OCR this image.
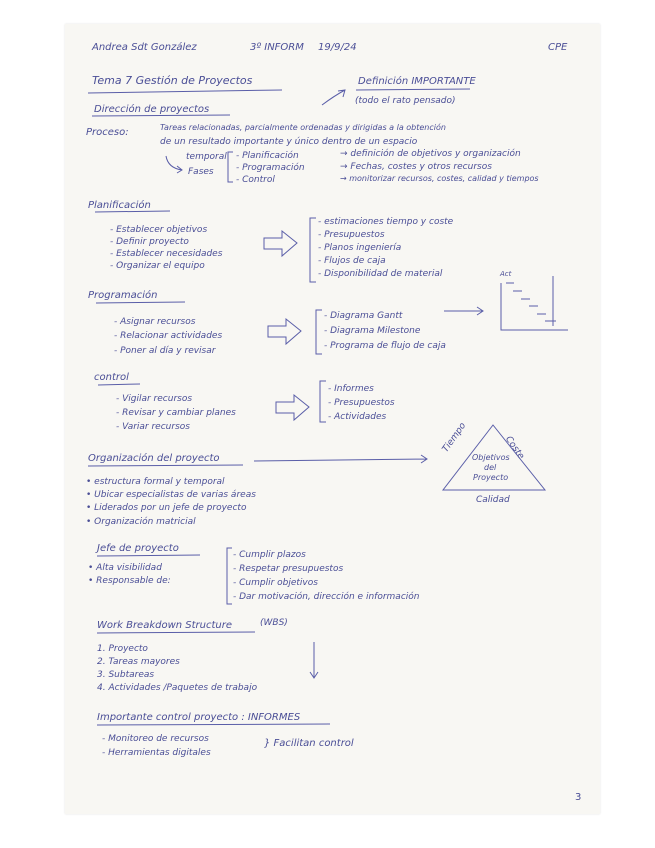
Andrea Sdt González	3º INFORM 19/9/24	CPE
Tema 7 Gestión de Proyectos	Definición IMPORTANTE
(todo el rato pensado)
Dirección de proyectos
Proceso:	Tareas relacionadas, parcialmente ordenadas y dirigidas a la obtención
de un resultado importante y único dentro de un espacio
temporal
Fases
- Planificación
- Programación
- Control
→ definición de objetivos y organización
→ Fechas, costes y otros recursos
→ monitorizar recursos, costes, calidad y tiempos
Planificación
- Establecer objetivos
- Definir proyecto
- Establecer necesidades
- Organizar el equipo
- estimaciones tiempo y coste
- Presupuestos
- Planos ingeniería
- Flujos de caja
- Disponibilidad de material
Programación
- Asignar recursos
- Relacionar actividades
- Poner al día y revisar
- Diagrama Gantt
- Diagrama Milestone
- Programa de flujo de caja
Act
control
- Vigilar recursos
- Revisar y cambiar planes
- Variar recursos
- Informes
- Presupuestos
- Actividades
Organización del proyecto
• estructura formal y temporal
• Ubicar especialistas de varias áreas
• Liderados por un jefe de proyecto
• Organización matricial
Tiempo	Coste
Calidad
Objetivos
del
Proyecto
Jefe de proyecto
• Alta visibilidad
• Responsable de:
- Cumplir plazos
- Respetar presupuestos
- Cumplir objetivos
- Dar motivación, dirección e información
Work Breakdown Structure	(WBS)
1. Proyecto
2. Tareas mayores
3. Subtareas
4. Actividades /Paquetes de trabajo
Importante control proyecto : INFORMES
- Monitoreo de recursos
- Herramientas digitales
} Facilitan control
3
